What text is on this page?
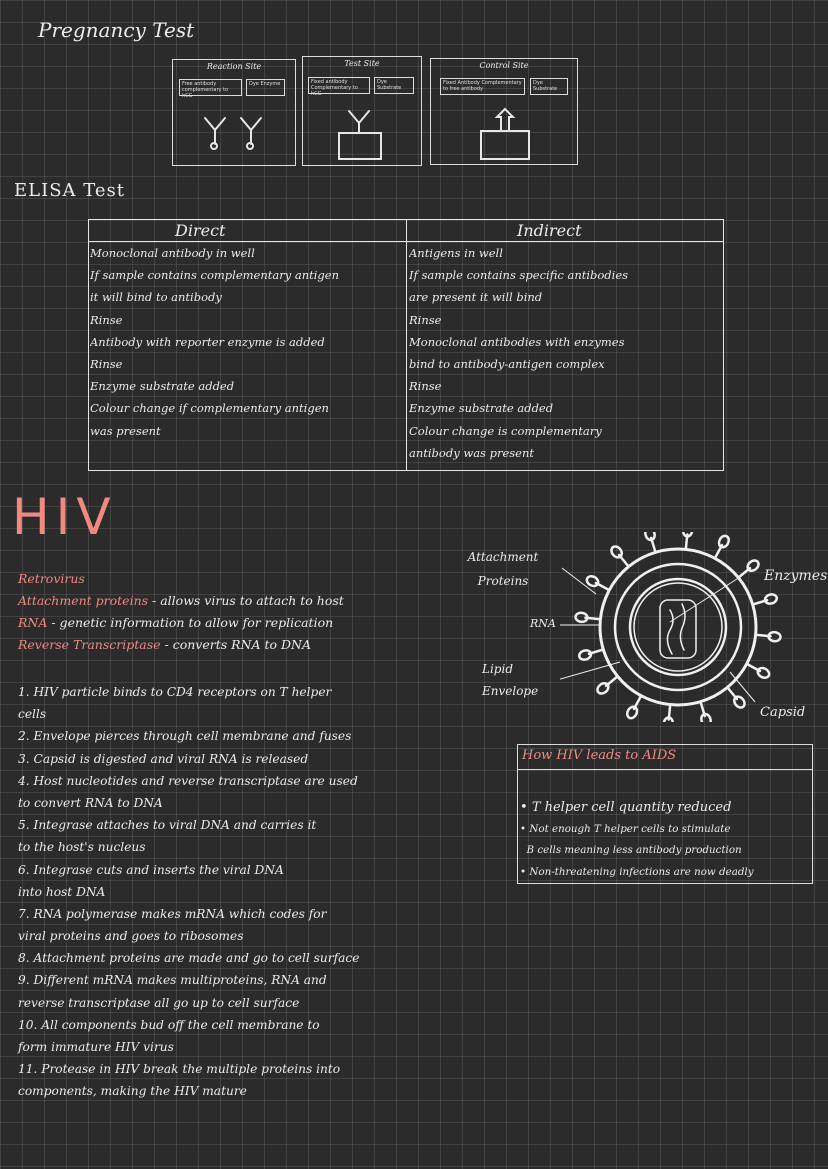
Pregnancy Test
Reaction Site
Free antibody complementary to hCG
Dye Enzyme
Test Site
Fixed antibody Complementary to hCG
Dye Substrate
Control Site
Fixed Antibody Complementary to free antibody
Dye Substrate
ELISA Test
Direct	Indirect
Monoclonal antibody in well
If sample contains complementary antigen
it will bind to antibody
Rinse
Antibody with reporter enzyme is added
Rinse
Enzyme substrate added
Colour change if complementary antigen
was present
Antigens in well
If sample contains specific antibodies
are present it will bind
Rinse
Monoclonal antibodies with enzymes
bind to antibody-antigen complex
Rinse
Enzyme substrate added
Colour change is complementary
antibody was present
HIV
Retrovirus
Attachment proteins - allows virus to attach to host
RNA - genetic information to allow for replication
Reverse Transcriptase - converts RNA to DNA
1. HIV particle binds to CD4 receptors on T helper
cells
2. Envelope pierces through cell membrane and fuses
3. Capsid is digested and viral RNA is released
4. Host nucleotides and reverse transcriptase are used
to convert RNA to DNA
5. Integrase attaches to viral DNA and carries it
to the host's nucleus
6. Integrase cuts and inserts the viral DNA
into host DNA
7. RNA polymerase makes mRNA which codes for
viral proteins and goes to ribosomes
8. Attachment proteins are made and go to cell surface
9. Different mRNA makes multiproteins, RNA and
reverse transcriptase all go up to cell surface
10. All components bud off the cell membrane to
form immature HIV virus
11. Protease in HIV break the multiple proteins into
components, making the HIV mature
Attachment Proteins	Enzymes
RNA
Lipid Envelope
Capsid
How HIV leads to AIDS
• T helper cell quantity reduced
• Not enough T helper cells to stimulate
B cells meaning less antibody production
• Non-threatening infections are now deadly
